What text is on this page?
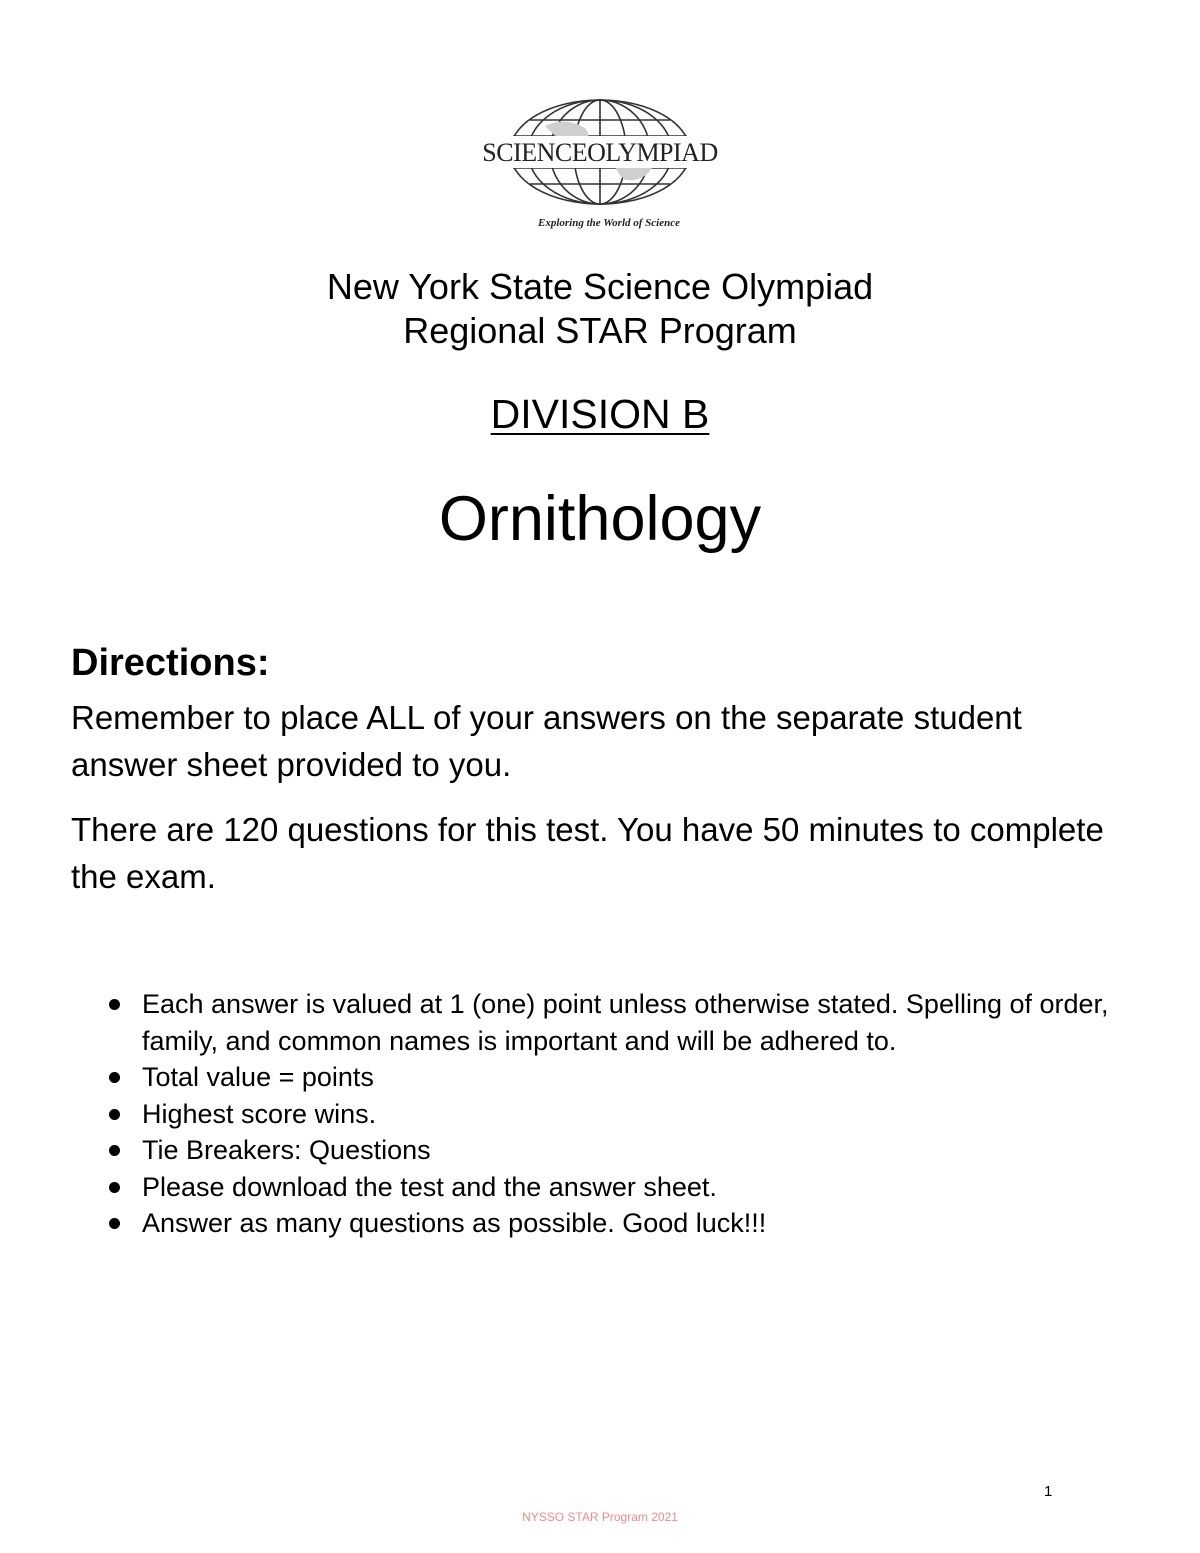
SCIENCEOLYMPIAD
Exploring the World of Science
New York State Science Olympiad
Regional STAR Program
DIVISION B
Ornithology
Directions:
Remember to place ALL of your answers on the separate student answer sheet provided to you.
There are 120 questions for this test. You have 50 minutes to complete the exam.
Each answer is valued at 1 (one) point unless otherwise stated. Spelling of order, family, and common names is important and will be adhered to.
Total value = points
Highest score wins.
Tie Breakers: Questions
Please download the test and the answer sheet.
Answer as many questions as possible. Good luck!!!
1
NYSSO STAR Program 2021
